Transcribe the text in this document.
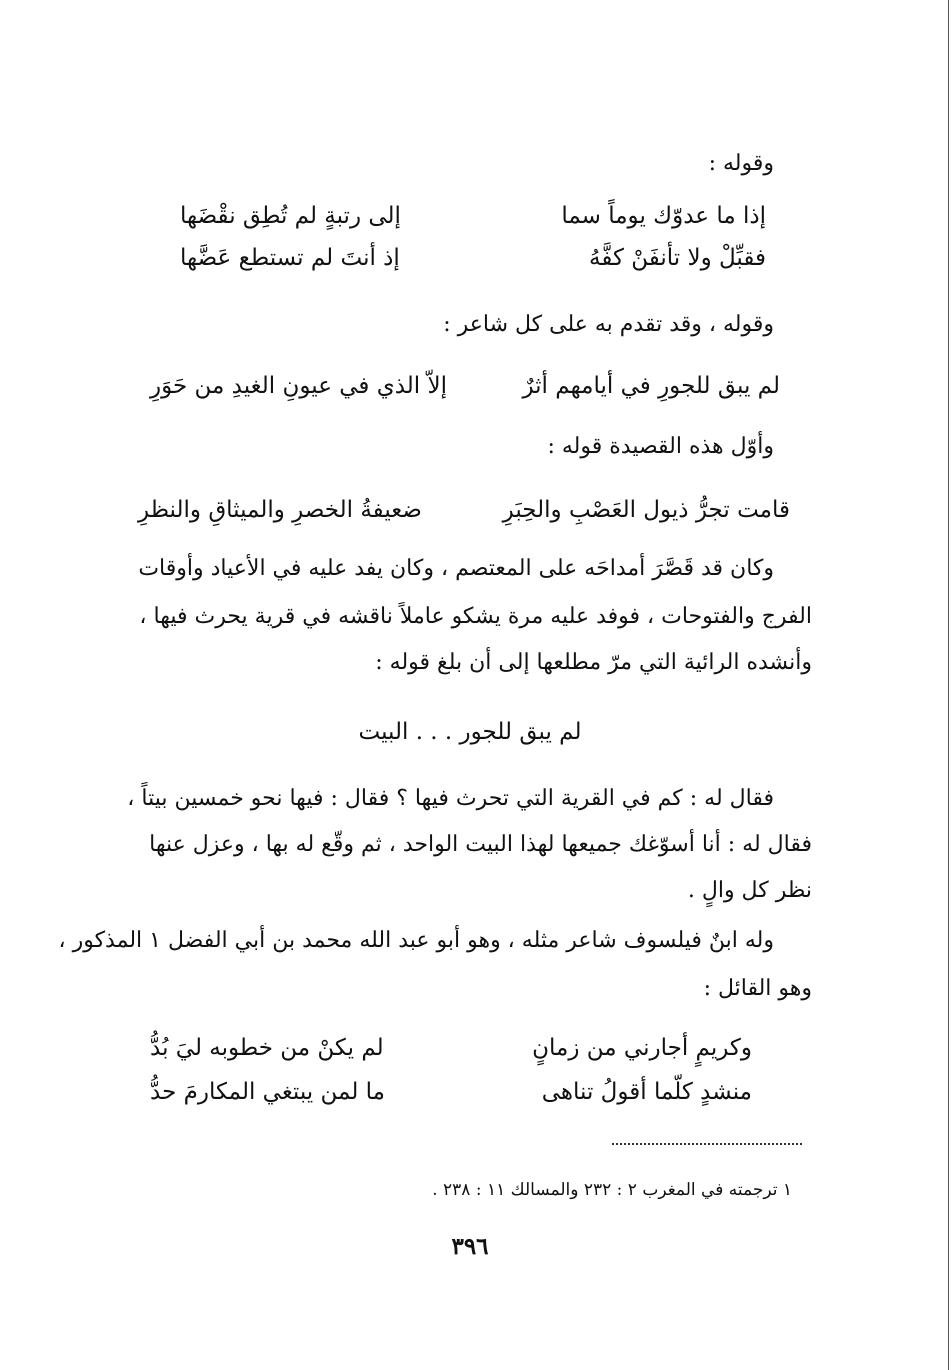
وقوله :
إذا ما عدوّك يوماً سما
إلى رتبةٍ لم تُطِق نقْضَها
فقبِّلْ ولا تأنفَنْ كفَّهُ
إذ أنتَ لم تستطع عَضَّها
وقوله ، وقد تقدم به على كل شاعر :
لم يبق للجورِ في أيامهم أثرٌ
إلاّ الذي في عيونِ الغيدِ من حَوَرِ
وأوّل هذه القصيدة قوله :
قامت تجرُّ ذيول العَصْبِ والحِبَرِ
ضعيفةُ الخصرِ والميثاقِ والنظرِ
وكان قد قَصَّرَ أمداحَه على المعتصم ، وكان يفد عليه في الأعياد وأوقات
الفرج والفتوحات ، فوفد عليه مرة يشكو عاملاً ناقشه في قرية يحرث فيها ،
وأنشده الرائية التي مرّ مطلعها إلى أن بلغ قوله :
لم يبق للجور . . . البيت
فقال له : كم في القرية التي تحرث فيها ؟ فقال : فيها نحو خمسين بيتاً ،
فقال له : أنا أسوّغك جميعها لهذا البيت الواحد ، ثم وقّع له بها ، وعزل عنها
نظر كل والٍ .
وله ابنٌ فيلسوف شاعر مثله ، وهو أبو عبد الله محمد بن أبي الفضل ١ المذكور ،
وهو القائل :
وكريمٍ أجارني من زمانٍ
لم يكنْ من خطوبه ليَ بُدُّ
منشدٍ كلّما أقولُ تناهى
ما لمن يبتغي المكارمَ حدُّ
١ ترجمته في المغرب ٢ : ٢٣٢ والمسالك ١١ : ٢٣٨ .
٣٩٦
